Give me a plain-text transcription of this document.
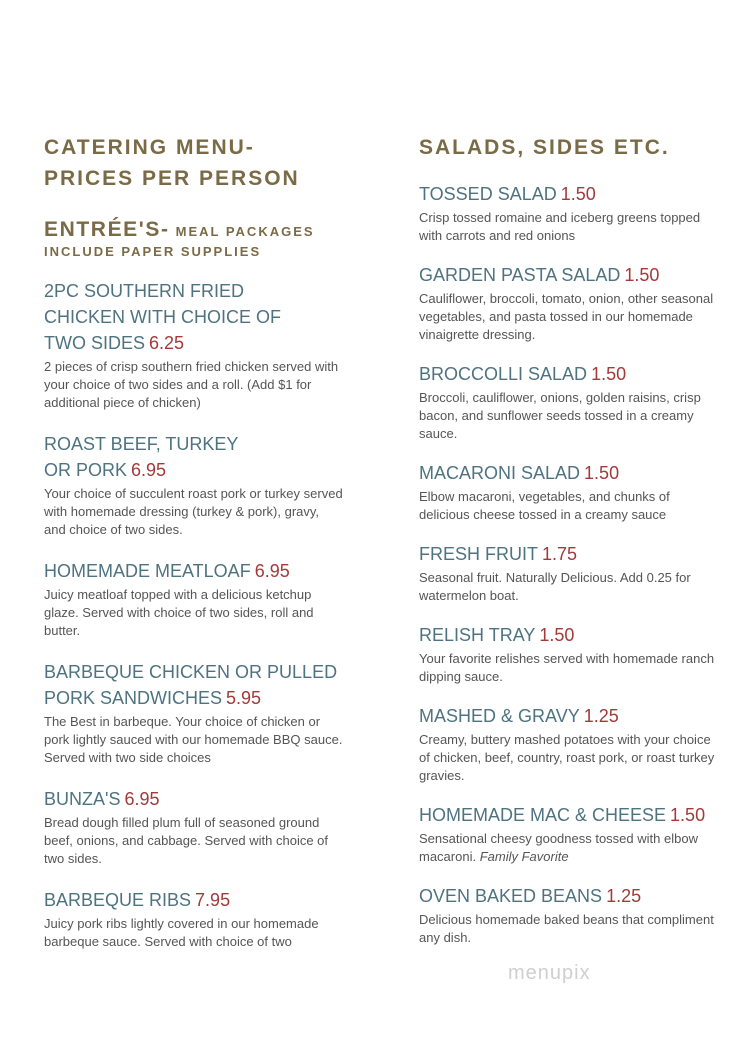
CATERING MENU-
PRICES PER PERSON

ENTRÉE'S- MEAL PACKAGES
INCLUDE PAPER SUPPLIES
2PC SOUTHERN FRIED CHICKEN WITH CHOICE OF TWO SIDES 6.25
2 pieces of crisp southern fried chicken served with your choice of two sides and a roll. (Add $1 for additional piece of chicken)
ROAST BEEF, TURKEY OR PORK 6.95
Your choice of succulent roast pork or turkey served with homemade dressing (turkey & pork), gravy, and choice of two sides.
HOMEMADE MEATLOAF 6.95
Juicy meatloaf topped with a delicious ketchup glaze. Served with choice of two sides, roll and butter.
BARBEQUE CHICKEN OR PULLED PORK SANDWICHES 5.95
The Best in barbeque. Your choice of chicken or pork lightly sauced with our homemade BBQ sauce. Served with two side choices
BUNZA'S 6.95
Bread dough filled plum full of seasoned ground beef, onions, and cabbage. Served with choice of two sides.
BARBEQUE RIBS 7.95
Juicy pork ribs lightly covered in our homemade barbeque sauce. Served with choice of two

SALADS, SIDES ETC.

TOSSED SALAD 1.50
Crisp tossed romaine and iceberg greens topped with carrots and red onions
GARDEN PASTA SALAD 1.50
Cauliflower, broccoli, tomato, onion, other seasonal vegetables, and pasta tossed in our homemade vinaigrette dressing.
BROCCOLLI SALAD 1.50
Broccoli, cauliflower, onions, golden raisins, crisp bacon, and sunflower seeds tossed in a creamy sauce.
MACARONI SALAD 1.50
Elbow macaroni, vegetables, and chunks of delicious cheese tossed in a creamy sauce
FRESH FRUIT 1.75
Seasonal fruit. Naturally Delicious. Add 0.25 for watermelon boat.
RELISH TRAY 1.50
Your favorite relishes served with homemade ranch dipping sauce.
MASHED & GRAVY 1.25
Creamy, buttery mashed potatoes with your choice of chicken, beef, country, roast pork, or roast turkey gravies.
HOMEMADE MAC & CHEESE 1.50
Sensational cheesy goodness tossed with elbow macaroni. Family Favorite
OVEN BAKED BEANS 1.25
Delicious homemade baked beans that compliment any dish.
menupix
